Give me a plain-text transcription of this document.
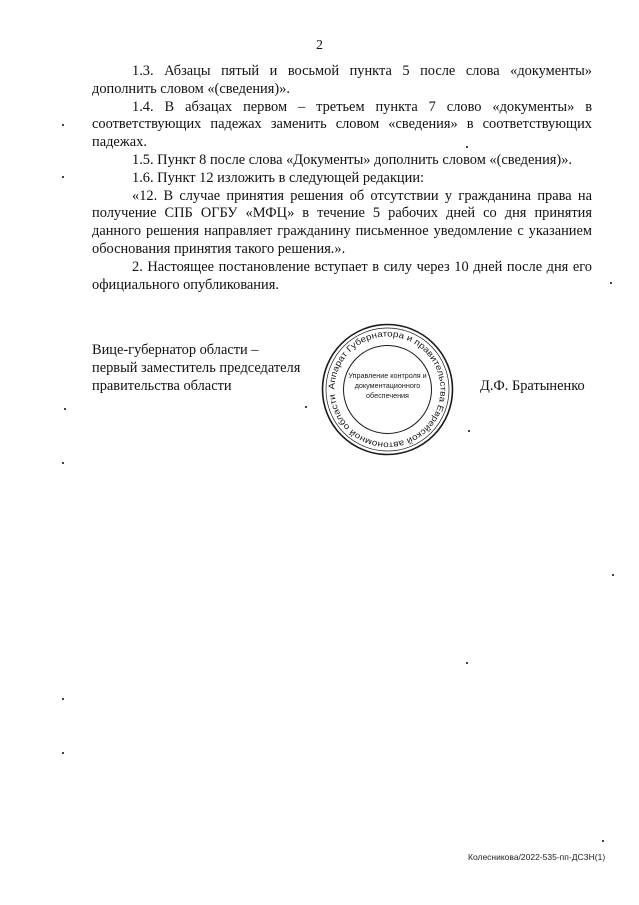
2

1.3. Абзацы пятый и восьмой пункта 5 после слова «документы» дополнить словом «(сведения)».

1.4. В абзацах первом – третьем пункта 7 слово «документы» в соответствующих падежах заменить словом «сведения» в соответствующих падежах.

1.5. Пункт 8 после слова «Документы» дополнить словом «(сведения)».

1.6. Пункт 12 изложить в следующей редакции:

«12. В случае принятия решения об отсутствии у гражданина права на получение СПБ ОГБУ «МФЦ» в течение 5 рабочих дней со дня принятия данного решения направляет гражданину письменное уведомление с указанием обоснования принятия такого решения.».

2. Настоящее постановление вступает в силу через 10 дней после дня его официального опубликования.

Вице-губернатор области –
первый заместитель председателя
правительства области	Аппарат Губернатора и правительства Еврейской автономной области
Управление контроля и
документационного
обеспечения
Д.Ф. Братыненко
Колесникова/2022-535-пп-ДСЗН(1)
